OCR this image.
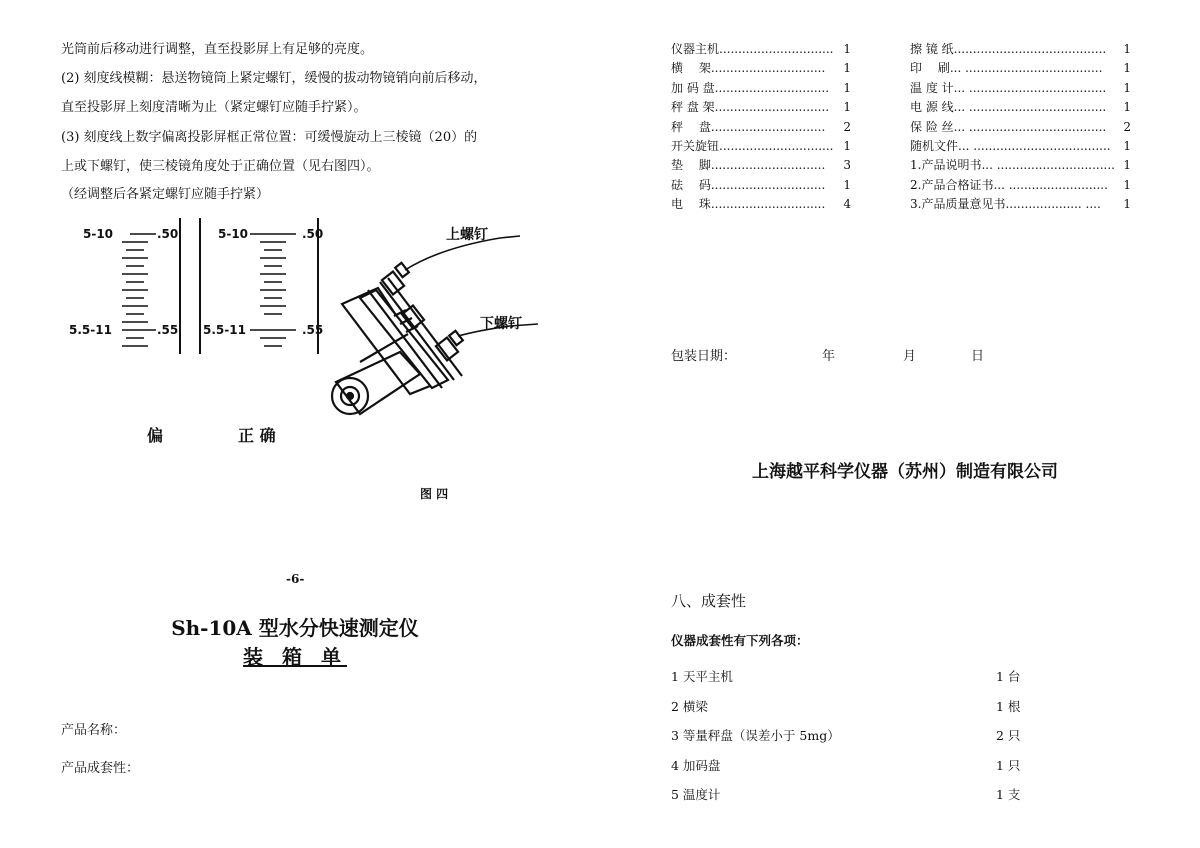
光筒前后移动进行调整，直至投影屏上有足够的亮度。
(2) 刻度线模糊：悬送物镜筒上紧定螺钉，缓慢的拔动物镜销向前后移动，
直至投影屏上刻度清晰为止（紧定螺钉应随手拧紧）。
(3) 刻度线上数字偏离投影屏框正常位置：可缓慢旋动上三棱镜（20）的
上或下螺钉，使三棱镜角度处于正确位置（见右图四）。
（经调整后各紧定螺钉应随手拧紧）
5-10	.50
5.5-11	.55
5-10	.50
5.5-11	.55
上螺钉
下螺钉
偏	正 确
图 四
-6-
Sh-10A 型水分快速测定仪
装 箱 单
产品名称：
产品成套性：
仪器主机 .............................. 1
横　 架 ..............................	1
加 码 盘 ..............................	1
秤 盘 架 ..............................	1
秤　 盘 ..............................	2
开关旋钮 .............................. 1
垫　 脚 ..............................	3
砝　 码 ..............................	1
电　 珠 ..............................	4
擦 镜 纸 ........................................	1
印　 刷 ... ....................................	1
温 度 计 ... ....................................	1
电 源 线 ... ....................................	1
保 险 丝 ... ....................................	2
随机文件 ... ....................................	1
1.产品说明书 ... ............................... 1
2.产品合格证书 ... ..........................	1
3.产品质量意见书 .................... ....	1
包装日期：	年	月	日
上海越平科学仪器（苏州）制造有限公司
八、成套性
仪器成套性有下列各项：
1 天平主机	1 台
2 横梁	1 根
3 等量秤盘（误差小于 5mg）	2 只
4 加码盘	1 只
5 温度计	1 支
